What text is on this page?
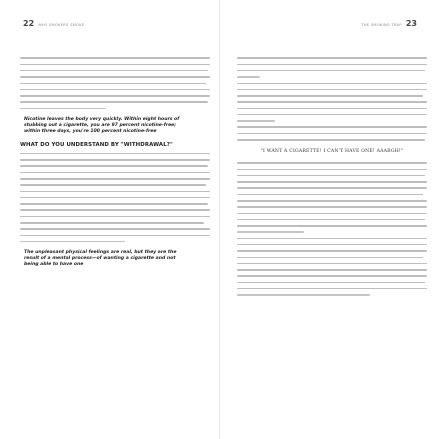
22 WHY SMOKERS SMOKE
Nicotine leaves the body very quickly. Within eight hours of
stubbing out a cigarette, you are 97 percent nicotine-free;
within three days, you're 100 percent nicotine-free
WHAT DO YOU UNDERSTAND BY "WITHDRAWAL?"
The unpleasant physical feelings are real, but they are the
result of a mental process—of wanting a cigarette and not
being able to have one
THE SMOKING TRAP 23
"I WANT A CIGARETTE! I CAN'T HAVE ONE! AAARGH!"
